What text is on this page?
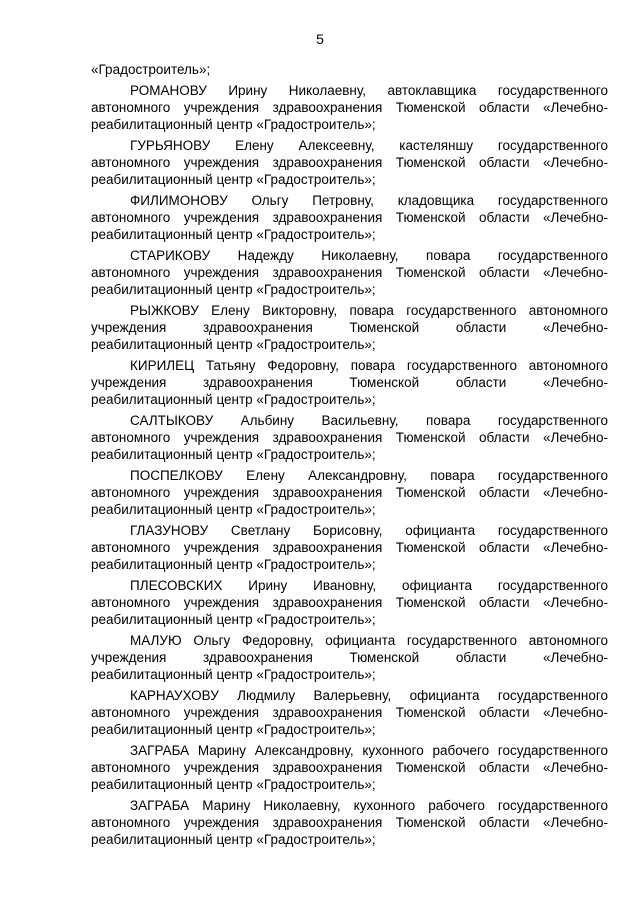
5
«Градостроитель»;
РОМАНОВУ Ирину Николаевну, автоклавщика государственного
автономного учреждения здравоохранения Тюменской области «Лечебно-
реабилитационный центр «Градостроитель»;
ГУРЬЯНОВУ Елену Алексеевну, кастеляншу государственного
автономного учреждения здравоохранения Тюменской области «Лечебно-
реабилитационный центр «Градостроитель»;
ФИЛИМОНОВУ Ольгу Петровну, кладовщика государственного
автономного учреждения здравоохранения Тюменской области «Лечебно-
реабилитационный центр «Градостроитель»;
СТАРИКОВУ Надежду Николаевну, повара государственного
автономного учреждения здравоохранения Тюменской области «Лечебно-
реабилитационный центр «Градостроитель»;
РЫЖКОВУ Елену Викторовну, повара государственного автономного
учреждения здравоохранения Тюменской области «Лечебно-
реабилитационный центр «Градостроитель»;
КИРИЛЕЦ Татьяну Федоровну, повара государственного автономного
учреждения здравоохранения Тюменской области «Лечебно-
реабилитационный центр «Градостроитель»;
САЛТЫКОВУ Альбину Васильевну, повара государственного
автономного учреждения здравоохранения Тюменской области «Лечебно-
реабилитационный центр «Градостроитель»;
ПОСПЕЛКОВУ Елену Александровну, повара государственного
автономного учреждения здравоохранения Тюменской области «Лечебно-
реабилитационный центр «Градостроитель»;
ГЛАЗУНОВУ Светлану Борисовну, официанта государственного
автономного учреждения здравоохранения Тюменской области «Лечебно-
реабилитационный центр «Градостроитель»;
ПЛЕСОВСКИХ Ирину Ивановну, официанта государственного
автономного учреждения здравоохранения Тюменской области «Лечебно-
реабилитационный центр «Градостроитель»;
МАЛУЮ Ольгу Федоровну, официанта государственного автономного
учреждения здравоохранения Тюменской области «Лечебно-
реабилитационный центр «Градостроитель»;
КАРНАУХОВУ Людмилу Валерьевну, официанта государственного
автономного учреждения здравоохранения Тюменской области «Лечебно-
реабилитационный центр «Градостроитель»;
ЗАГРАБА Марину Александровну, кухонного рабочего государственного
автономного учреждения здравоохранения Тюменской области «Лечебно-
реабилитационный центр «Градостроитель»;
ЗАГРАБА Марину Николаевну, кухонного рабочего государственного
автономного учреждения здравоохранения Тюменской области «Лечебно-
реабилитационный центр «Градостроитель»;
